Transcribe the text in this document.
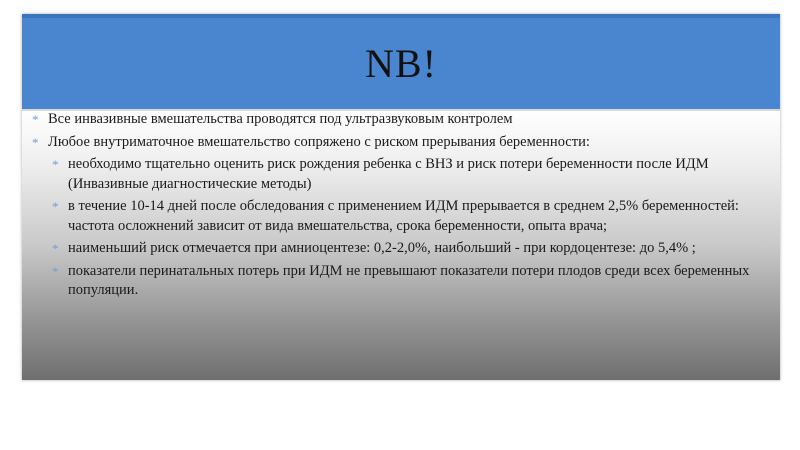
NB!
* Все инвазивные вмешательства проводятся под ультразвуковым контролем
* Любое внутриматочное вмешательство сопряжено с риском прерывания беременности:
* необходимо тщательно оценить риск рождения ребенка с ВНЗ и риск потери беременности после ИДМ (Инвазивные диагностические методы)
* в течение 10-14 дней после обследования с применением ИДМ прерывается в среднем 2,5% беременностей: частота осложнений зависит от вида вмешательства, срока беременности, опыта врача;
* наименьший риск отмечается при амниоцентезе: 0,2-2,0%, наибольший - при кордоцентезе: до 5,4% ;
* показатели перинатальных потерь при ИДМ не превышают показатели потери плодов среди всех беременных популяции.
